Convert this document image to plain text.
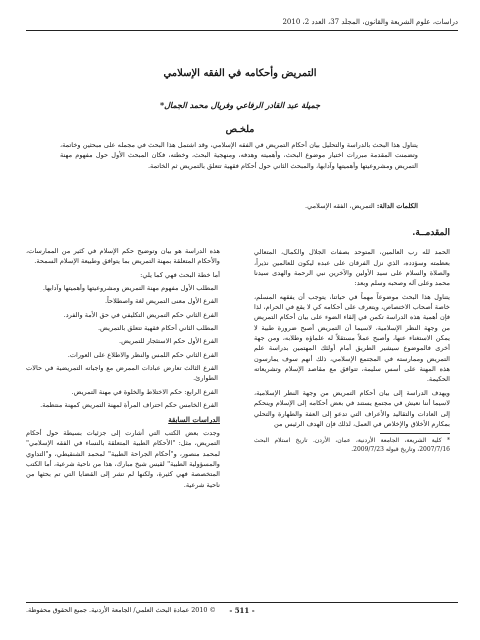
دراسات، علوم الشريعة والقانون، المجلّد 37، العدد 2، 2010
التمريض وأحكامه في الفقه الإسلامي
جميلة عبد القادر الرفاعي وفريال محمد الجمال*
ملخـص
يتناول هذا البحث بالدراسة والتحليل بيان أحكام التمريض في الفقه الإسلامي، وقد اشتمل هذا البحث في مجمله على مبحثين وخاتمة، وتضمنت المقدمة مبررات اختيار موضوع البحث، وأهميته وهدفه، ومنهجية البحث، وخطته، فكان المبحث الأول حول مفهوم مهنة التمريض ومشروعيتها وأهميتها وآدابها، والمبحث الثاني حول أحكام فقهية تتعلق بالتمريض ثم الخاتمة.
الكلمات الدالة: التمريض، الفقه الإسلامي.
المقدمــة.

الحمد لله رب العالمين، المتوحد بصفات الجلال والكمال، المتعالي بعظمته وسؤدده، الذي نزل الفرقان على عبده ليكون للعالمين نذيراً، والصلاة والسلام على سيد الأولين والآخرين نبي الرحمة والهدى سيدنا محمد وعلى آله وصحبه وسلم وبعد:

يتناول هذا البحث موضوعاً مهماً في حياتنا، يتوجب أن يفقهه المسلم، خاصة أصحاب الاختصاص، ويتعرف على أحكامه كي لا يقع في الحرام، لذا فإن أهمية هذه الدراسة تكمن في إلقاء الضوء على بيان أحكام التمريض من وجهة النظر الإسلامية، لاسيما أن التمريض أصبح ضرورة طبية لا يمكن الاستغناء عنها، وأصبح عملاً مستقلاً له علماؤه وطلابه، ومن جهة أخرى فالموضوع سيشير الطريق أمام أولئك المهتمين بدراسة علم التمريض وممارسته في المجتمع الإسلامي، ذلك أنهم سوف يمارسون هذه المهنة على أسس سليمة، تتوافق مع مقاصد الإسلام وتشريعاته الحكيمة.

ويهدف الدراسة إلى بيان أحكام التمريض من وجهة النظر الإسلامية، لاسيما أننا نعيش في مجتمع يستند في بعض أحكامه إلى الإسلام وينحكم إلى العادات والتقاليد والأعراف التي تدعو إلى العفة والطهارة والتحلي بمكارم الأخلاق والإخلاص في العمل، لذلك فإن الهدف الرئيس من

* كلية الشريعة، الجامعة الأردنية، عمان، الأردن. تاريخ استلام البحث 2007/7/16، وتاريخ قبوله 2009/7/23.

هذه الدراسة هو بيان وتوضيح حكم الإسلام في كثير من الممارسات، والأحكام المتعلقة بمهنة التمريض بما يتوافق وطبيعة الإسلام السمحة.

أما خطة البحث فهي كما يلي:

المطلب الأول مفهوم مهنة التمريض ومشروعيتها وأهميتها وآدابها.

الفرع الأول معنى التمريض لغة واصطلاحاً.

الفرع الثاني حكم التمريض التكليفي في حق الأمة والفرد.

المطلب الثاني أحكام فقهية تتعلق بالتمريض.

الفرع الأول حكم الاستئجار للتمريض.

الفرع الثاني حكم اللمس والنظر والاطلاع على العورات.

الفرع الثالث تعارض عبادات الممرض مع واجباته التمريضية في حالات الطوارئ.

الفرع الرابع: حكم الاختلاط والخلوة في مهنة التمريض.

الفرع الخامس حكم احتراف المرأة لمهنة التمريض كمهنة منتظمة.

الدراسات السابقة

وجدت بعض الكتب التي أشارت إلى جزئيات بسيطة حول أحكام التمريض، مثل: "الأحكام الطبية المتعلقة بالنساء في الفقه الإسلامي" لمحمد منصور، و"أحكام الجراحة الطبية" لمحمد الشنقيطي، و"التداوي والمسؤولية الطبية" لقيس شيخ مبارك، هذا من ناحية شرعية، أما الكتب المتخصصة فهي كثيرة، ولكنها لم تشر إلى القضايا التي تم بحثها من ناحية شرعية.

- 511 -
© 2010 عمادة البحث العلمي/ الجامعة الأردنية. جميع الحقوق محفوظة.
